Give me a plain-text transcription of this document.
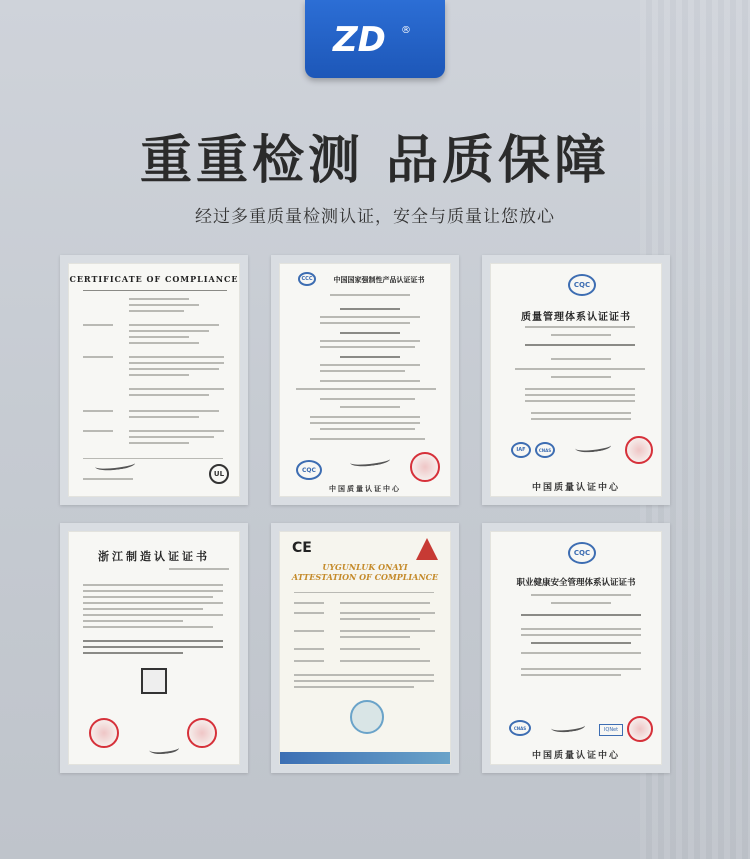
ZD ®
重重检测 品质保障
经过多重质量检测认证，安全与质量让您放心
CERTIFICATE OF COMPLIANCE
UL
CCC	中国国家强制性产品认证证书
CQC
中国质量认证中心
CQC
质量管理体系认证证书
IAF	CNAS
中国质量认证中心
浙江制造认证证书
CE
UYGUNLUK ONAYI
ATTESTATION OF COMPLIANCE
CQC
职业健康安全管理体系认证证书
CNAS	IQNet
中国质量认证中心
